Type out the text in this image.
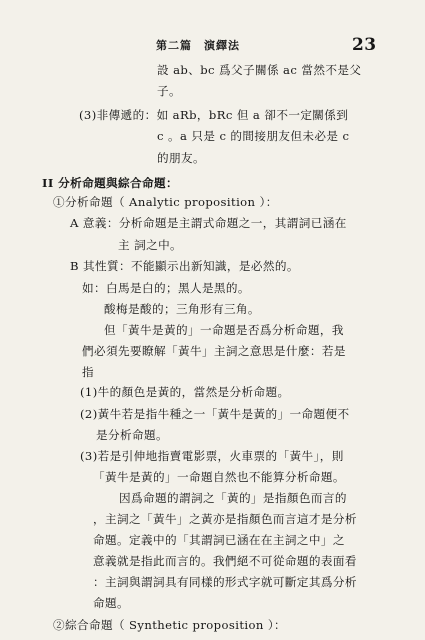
第二篇　演繹法	23
設 ab、bc 爲父子關係 ac 當然不是父
子。
(3)非傳遞的：如 aRb，bRc 但 a 卻不一定關係到
c 。a 只是 c 的間接朋友但未必是 c
的朋友。
II 分析命題與綜合命題：
①分析命題（ Analytic proposition ）：
A 意義：分析命題是主謂式命題之一，其謂詞已涵在
主 詞之中。
B 其性質：不能顯示出新知識，是必然的。
如：白馬是白的；黑人是黑的。
酸梅是酸的；三角形有三角。
但「黃牛是黃的」一命題是否爲分析命題，我
們必須先要瞭解「黃牛」主詞之意思是什麼：若是
指
(1)牛的顏色是黃的，當然是分析命題。
(2)黃牛若是指牛種之一「黃牛是黃的」一命題便不
是分析命題。
(3)若是引伸地指賣電影票，火車票的「黃牛」，則
「黃牛是黃的」一命題自然也不能算分析命題。
因爲命題的謂詞之「黃的」是指顏色而言的
，主詞之「黃牛」之黃亦是指顏色而言這才是分析
命題。定義中的「其謂詞已涵在在主詞之中」之
意義就是指此而言的。我們絕不可從命題的表面看
：主詞與謂詞具有同樣的形式字就可斷定其爲分析
命題。
②綜合命題（ Synthetic proposition ）：
